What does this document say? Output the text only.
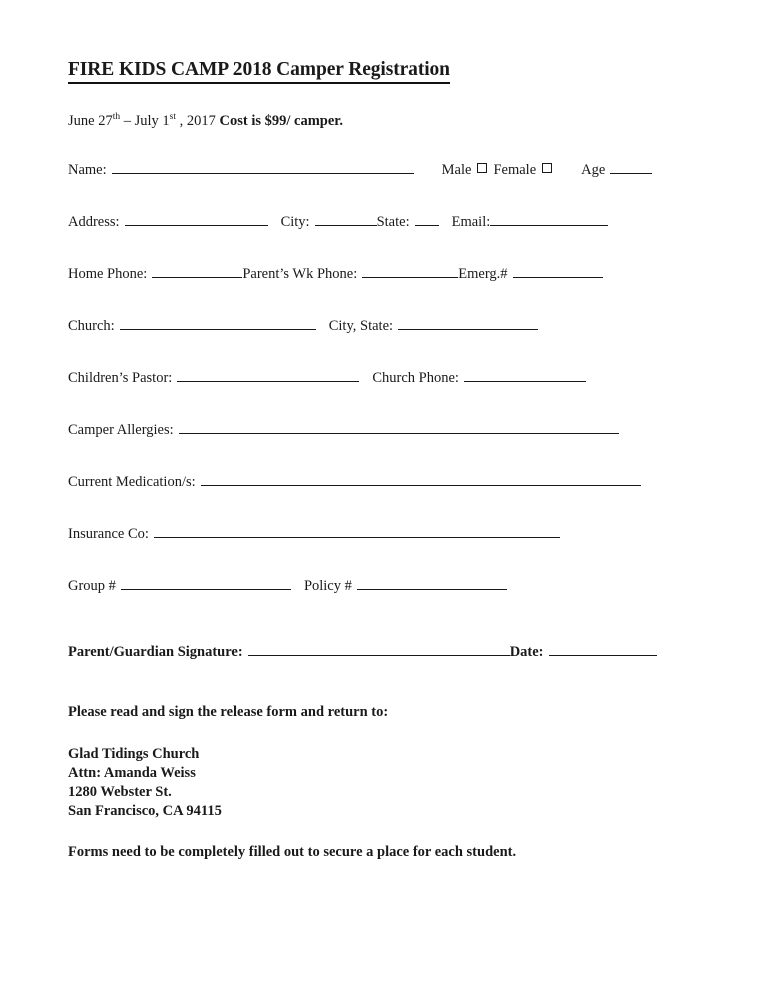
FIRE KIDS CAMP 2018 Camper Registration
June 27th – July 1st , 2017 Cost is $99/ camper.
Name:	Male Female	Age
Address:	City:	State:	Email:
Home Phone:	Parent’s Wk Phone:	Emerg.#
Church:	City, State:
Children’s Pastor:	Church Phone:
Camper Allergies:
Current Medication/s:
Insurance Co:
Group #	Policy #
Parent/Guardian Signature:	Date:

Please read and sign the release form and return to:

Glad Tidings Church
Attn: Amanda Weiss
1280 Webster St.
San Francisco, CA 94115
Forms need to be completely filled out to secure a place for each student.
